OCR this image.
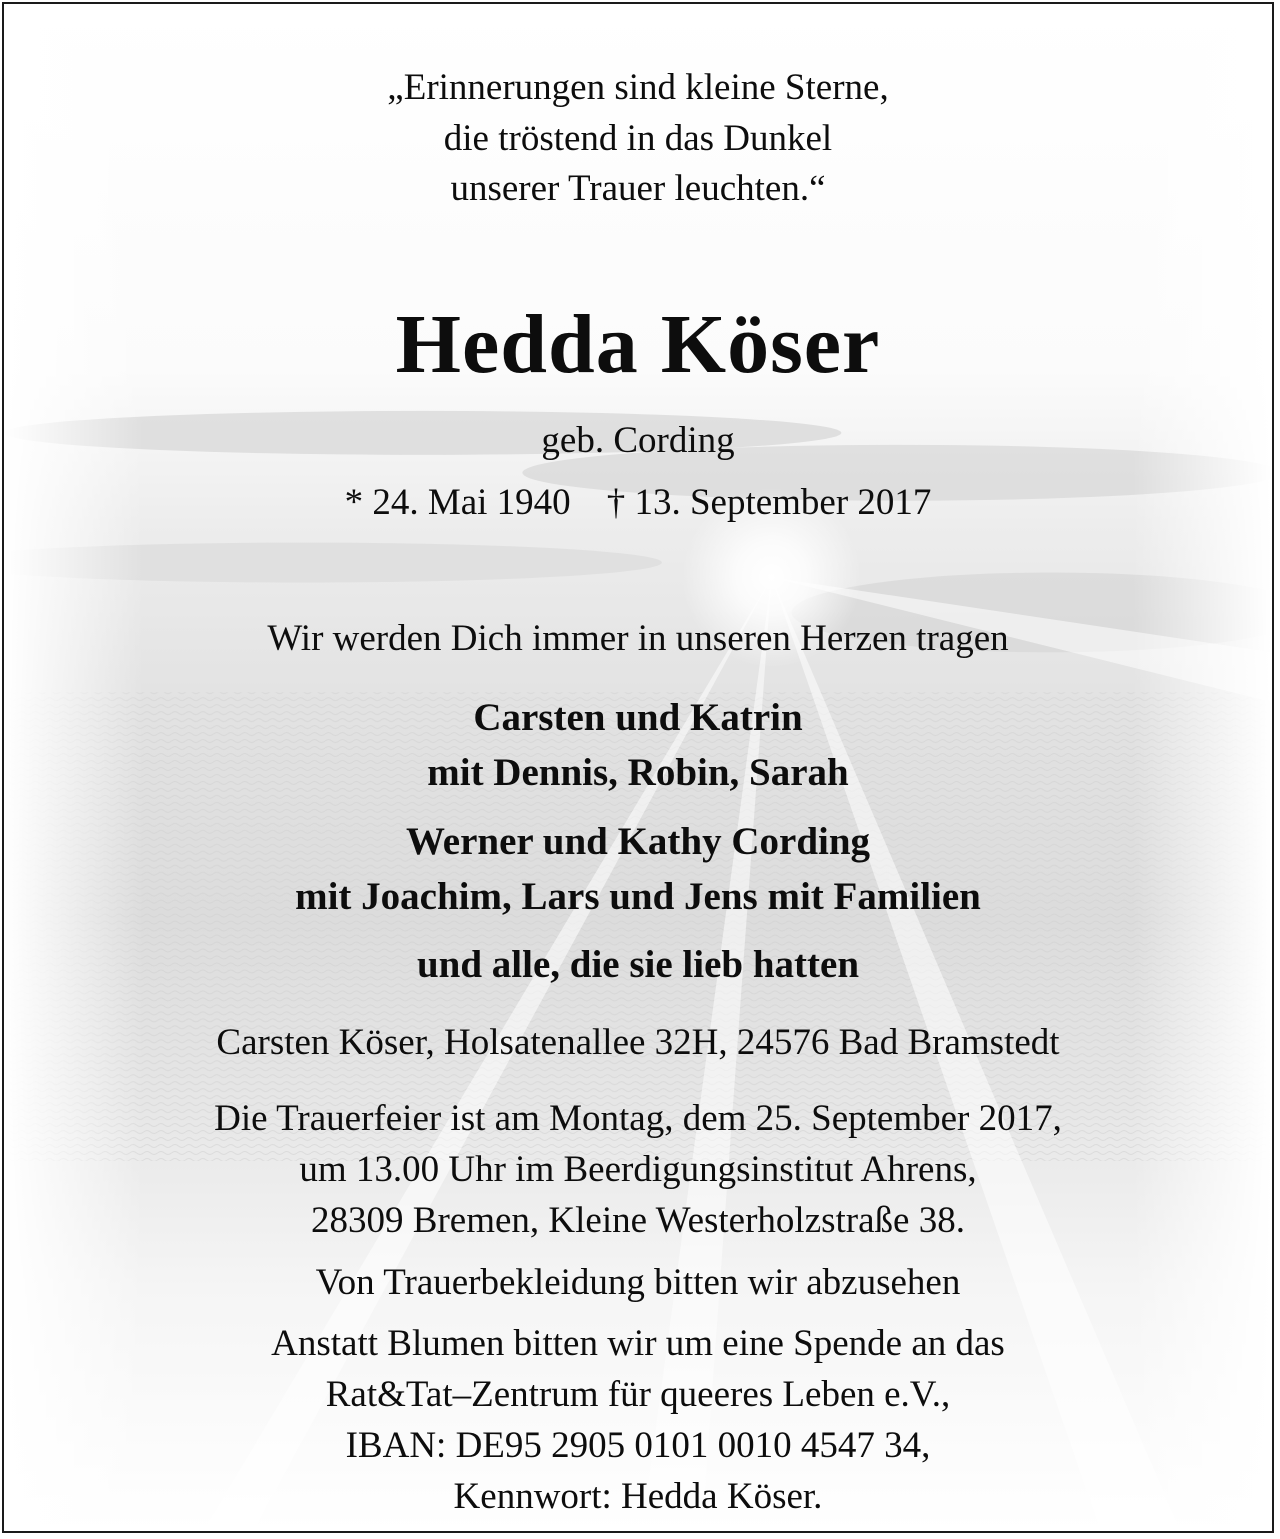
„Erinnerungen sind kleine Sterne,

die tröstend in das Dunkel

unserer Trauer leuchten.“

Hedda Köser

geb. Cording

* 24. Mai 1940 † 13. September 2017

Wir werden Dich immer in unseren Herzen tragen

Carsten und Katrin

mit Dennis, Robin, Sarah

Werner und Kathy Cording

mit Joachim, Lars und Jens mit Familien

und alle, die sie lieb hatten

Carsten Köser, Holsatenallee 32H, 24576 Bad Bramstedt

Die Trauerfeier ist am Montag, dem 25. September 2017,

um 13.00 Uhr im Beerdigungsinstitut Ahrens,

28309 Bremen, Kleine Westerholzstraße 38.

Von Trauerbekleidung bitten wir abzusehen

Anstatt Blumen bitten wir um eine Spende an das

Rat&Tat–Zentrum für queeres Leben e.V.,

IBAN: DE95 2905 0101 0010 4547 34,

Kennwort: Hedda Köser.
